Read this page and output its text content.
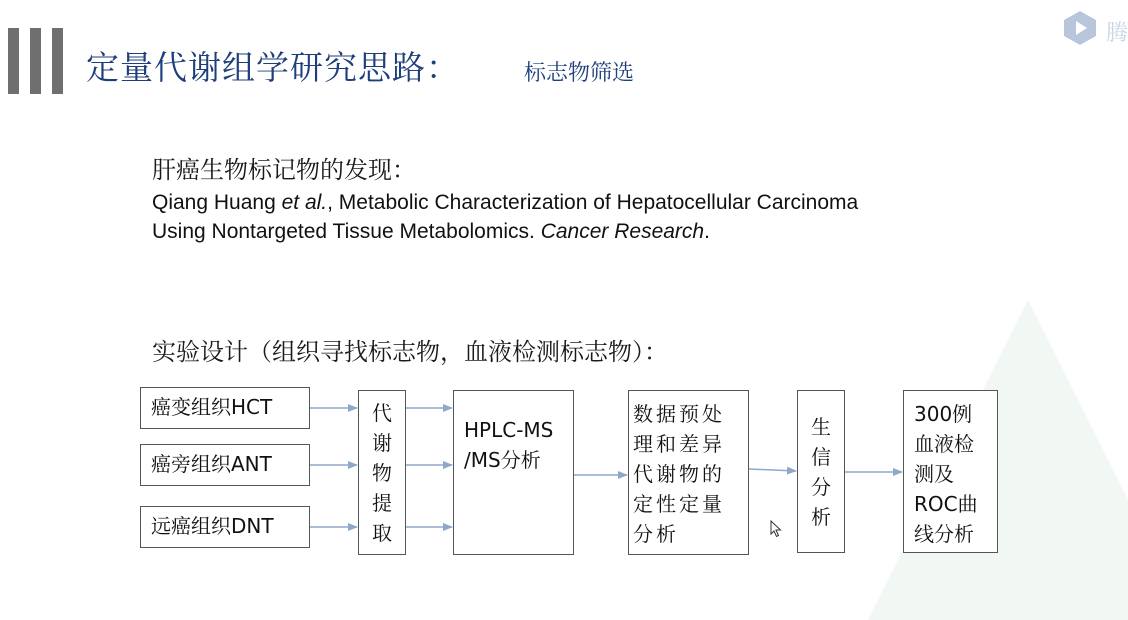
定量代谢组学研究思路：	标志物筛选
腾
肝癌生物标记物的发现：
Qiang Huang et al., Metabolic Characterization of Hepatocellular Carcinoma
Using Nontargeted Tissue Metabolomics. Cancer Research.
实验设计（组织寻找标志物，血液检测标志物）：
癌变组织HCT
癌旁组织ANT
远癌组织DNT
代
谢
物
提
取
HPLC-MS
/MS分析
数据预处
理和差异
代谢物的
定性定量
分析
生
信
分
析
300例
血液检
测及
ROC曲
线分析
